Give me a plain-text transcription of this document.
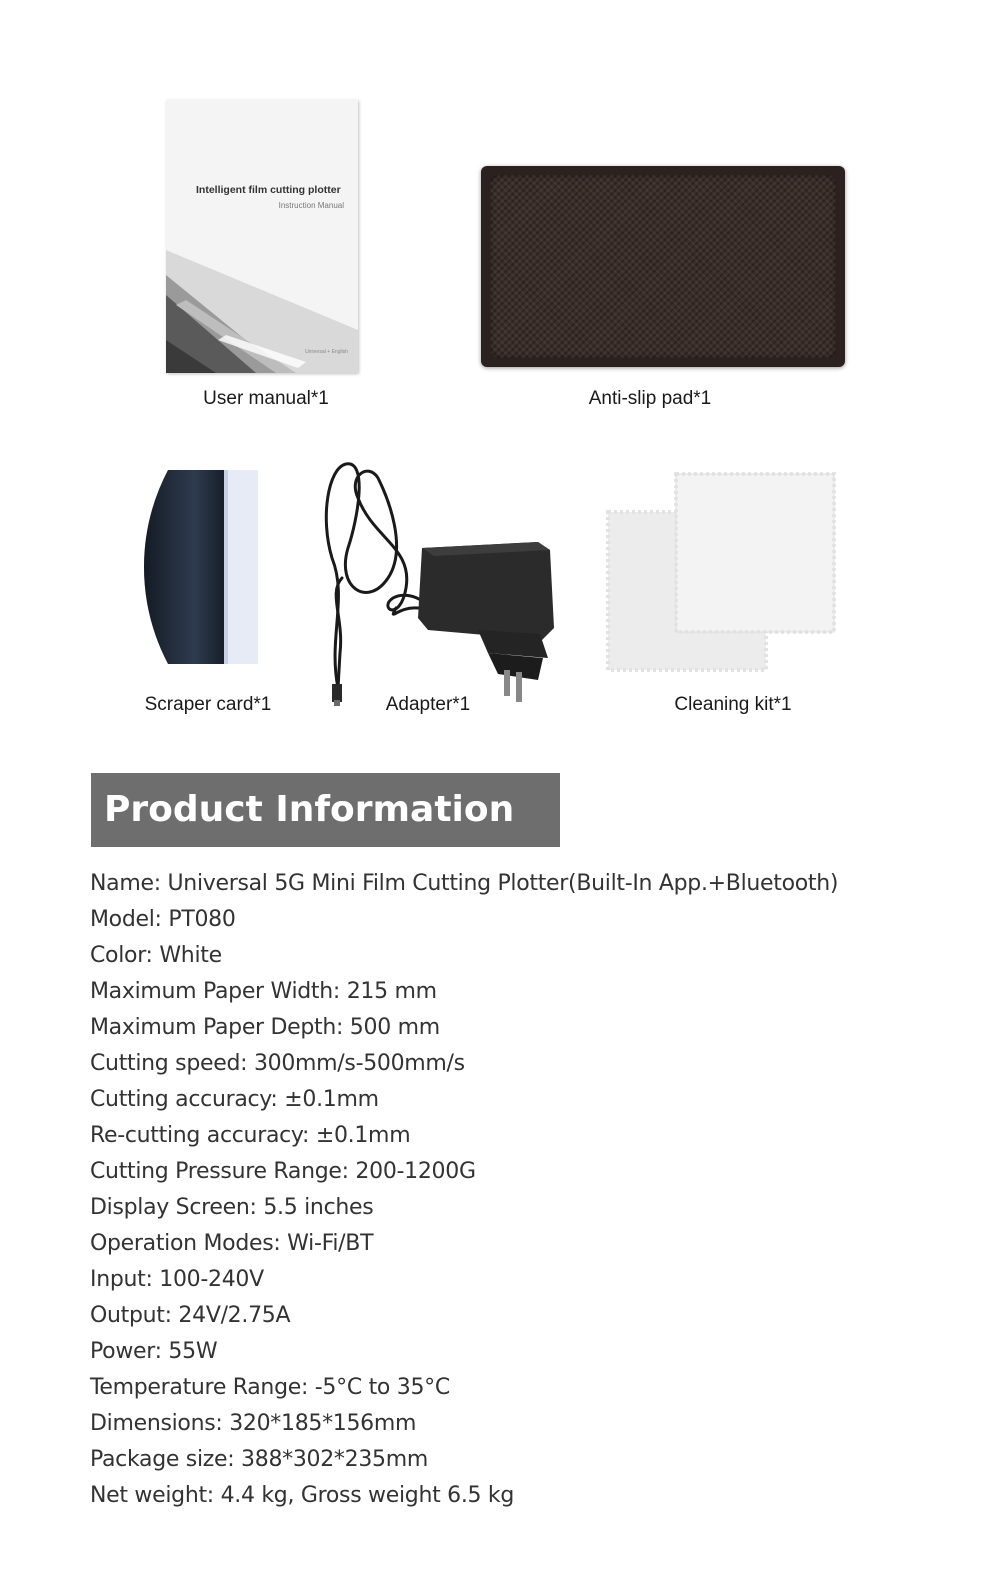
Intelligent film cutting plotter
Instruction Manual
Universal + English
User manual*1	Anti-slip pad*1
Scraper card*1	Adapter*1	Cleaning kit*1
Product Information
Name: Universal 5G Mini Film Cutting Plotter(Built-In App.+Bluetooth)
Model: PT080
Color: White
Maximum Paper Width: 215 mm
Maximum Paper Depth: 500 mm
Cutting speed: 300mm/s-500mm/s
Cutting accuracy: ±0.1mm
Re-cutting accuracy: ±0.1mm
Cutting Pressure Range: 200-1200G
Display Screen: 5.5 inches
Operation Modes: Wi-Fi/BT
Input: 100-240V
Output: 24V/2.75A
Power: 55W
Temperature Range: -5°C to 35°C
Dimensions: 320*185*156mm
Package size: 388*302*235mm
Net weight: 4.4 kg, Gross weight 6.5 kg
